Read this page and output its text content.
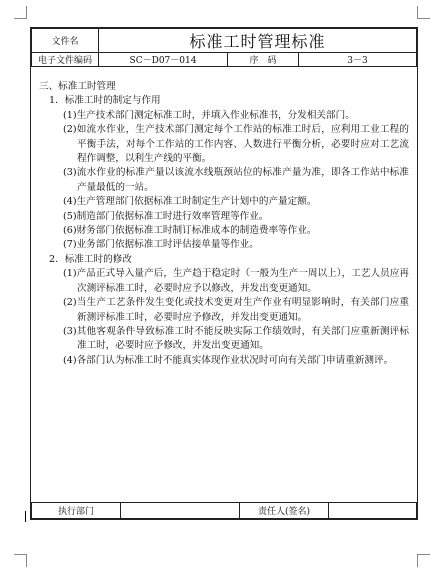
文件名	标准工时管理标准		
电子文件编码	SC－D07－014	序　码	3－3

三、标准工时管理

1．标准工时的制定与作用

(1)生产技术部门测定标准工时，并填入作业标准书，分发相关部门。

(2)如流水作业，生产技术部门测定每个工作站的标准工时后，应利用工业工程的平衡手法，对每个工作站的工作内容、人数进行平衡分析，必要时应对工艺流程作调整，以利生产线的平衡。

(3)流水作业的标准产量以该流水线瓶颈站位的标准产量为准，即各工作站中标准产量最低的一站。

(4)生产管理部门依据标准工时制定生产计划中的产量定额。

(5)制造部门依据标准工时进行效率管理等作业。

(6)财务部门依据标准工时制订标准成本的制造费率等作业。

(7)业务部门依据标准工时评估接单量等作业。

2．标准工时的修改

(1)产品正式导入量产后，生产趋于稳定时（一般为生产一周以上），工艺人员应再次测评标准工时，必要时应予以修改，并发出变更通知。

(2)当生产工艺条件发生变化或技术变更对生产作业有明显影响时，有关部门应重新测评标准工时，必要时应予修改，并发出变更通知。

(3)其他客观条件导致标准工时不能反映实际工作绩效时，有关部门应重新测评标准工时，必要时应予修改，并发出变更通知。

(4)各部门认为标准工时不能真实体现作业状况时可向有关部门申请重新测评。

执行部门		责任人(签名)	
